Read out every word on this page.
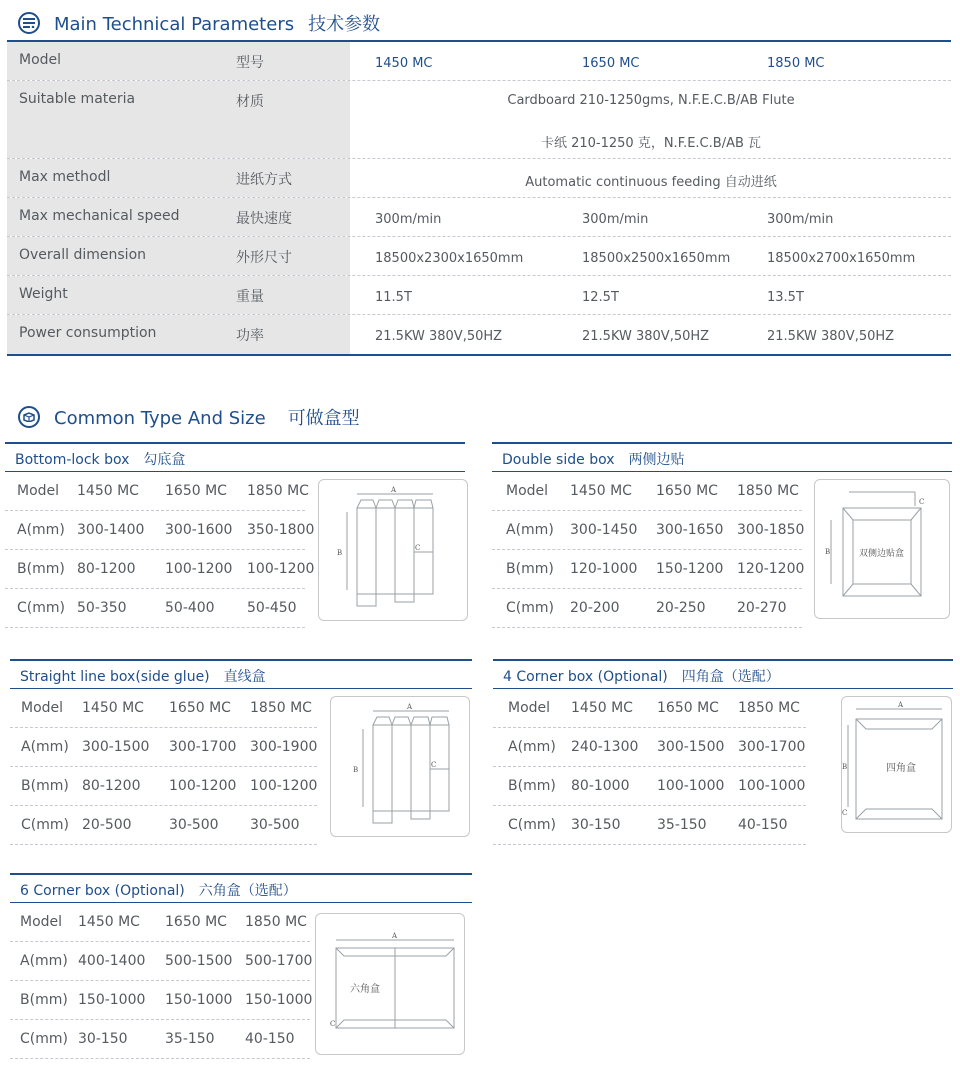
Main Technical Parameters 技术参数
Model	型号	1450 MC	1650 MC	1850 MC
Suitable materia	材质	Cardboard 210-1250gms, N.F.E.C.B/AB Flute
卡纸 210-1250 克，N.F.E.C.B/AB 瓦
Max methodl	进纸方式	Automatic continuous feeding 自动进纸
Max mechanical speed	最快速度	300m/min	300m/min	300m/min
Overall dimension	外形尺寸	18500x2300x1650mm	18500x2500x1650mm	18500x2700x1650mm
Weight	重量	11.5T	12.5T	13.5T
Power consumption	功率	21.5KW 380V,50HZ	21.5KW 380V,50HZ	21.5KW 380V,50HZ
Common Type And Size 可做盒型
Bottom-lock box 勾底盒
Model 1450 MC 1650 MC 1850 MC
A(mm) 300-1400 300-1600 350-1800
B(mm) 80-1200 100-1200 100-1200
C(mm) 50-350	50-400 50-450
A
B
C
Double side box 两侧边贴
Model 1450 MC 1650 MC 1850 MC
A(mm) 300-1450 300-1650 300-1850
B(mm) 120-1000 150-1200 120-1200
C(mm) 20-200	20-250 20-270
B
C
双侧边贴盒
Straight line box(side glue) 直线盒
Model 1450 MC 1650 MC 1850 MC
A(mm) 300-1500 300-1700 300-1900
B(mm) 80-1200 100-1200 100-1200
C(mm) 20-500	30-500 30-500
A
B
C
4 Corner box (Optional) 四角盒（选配）
Model 1450 MC 1650 MC 1850 MC
A(mm) 240-1300 300-1500 300-1700
B(mm) 80-1000 100-1000 100-1000
C(mm) 30-150	35-150 40-150
A
B
C
四角盒
6 Corner box (Optional) 六角盒（选配）
Model 1450 MC 1650 MC 1850 MC
A(mm) 400-1400 500-1500 500-1700
B(mm) 150-1000 150-1000 150-1000
C(mm) 30-150	35-150 40-150
A
C
六角盒
